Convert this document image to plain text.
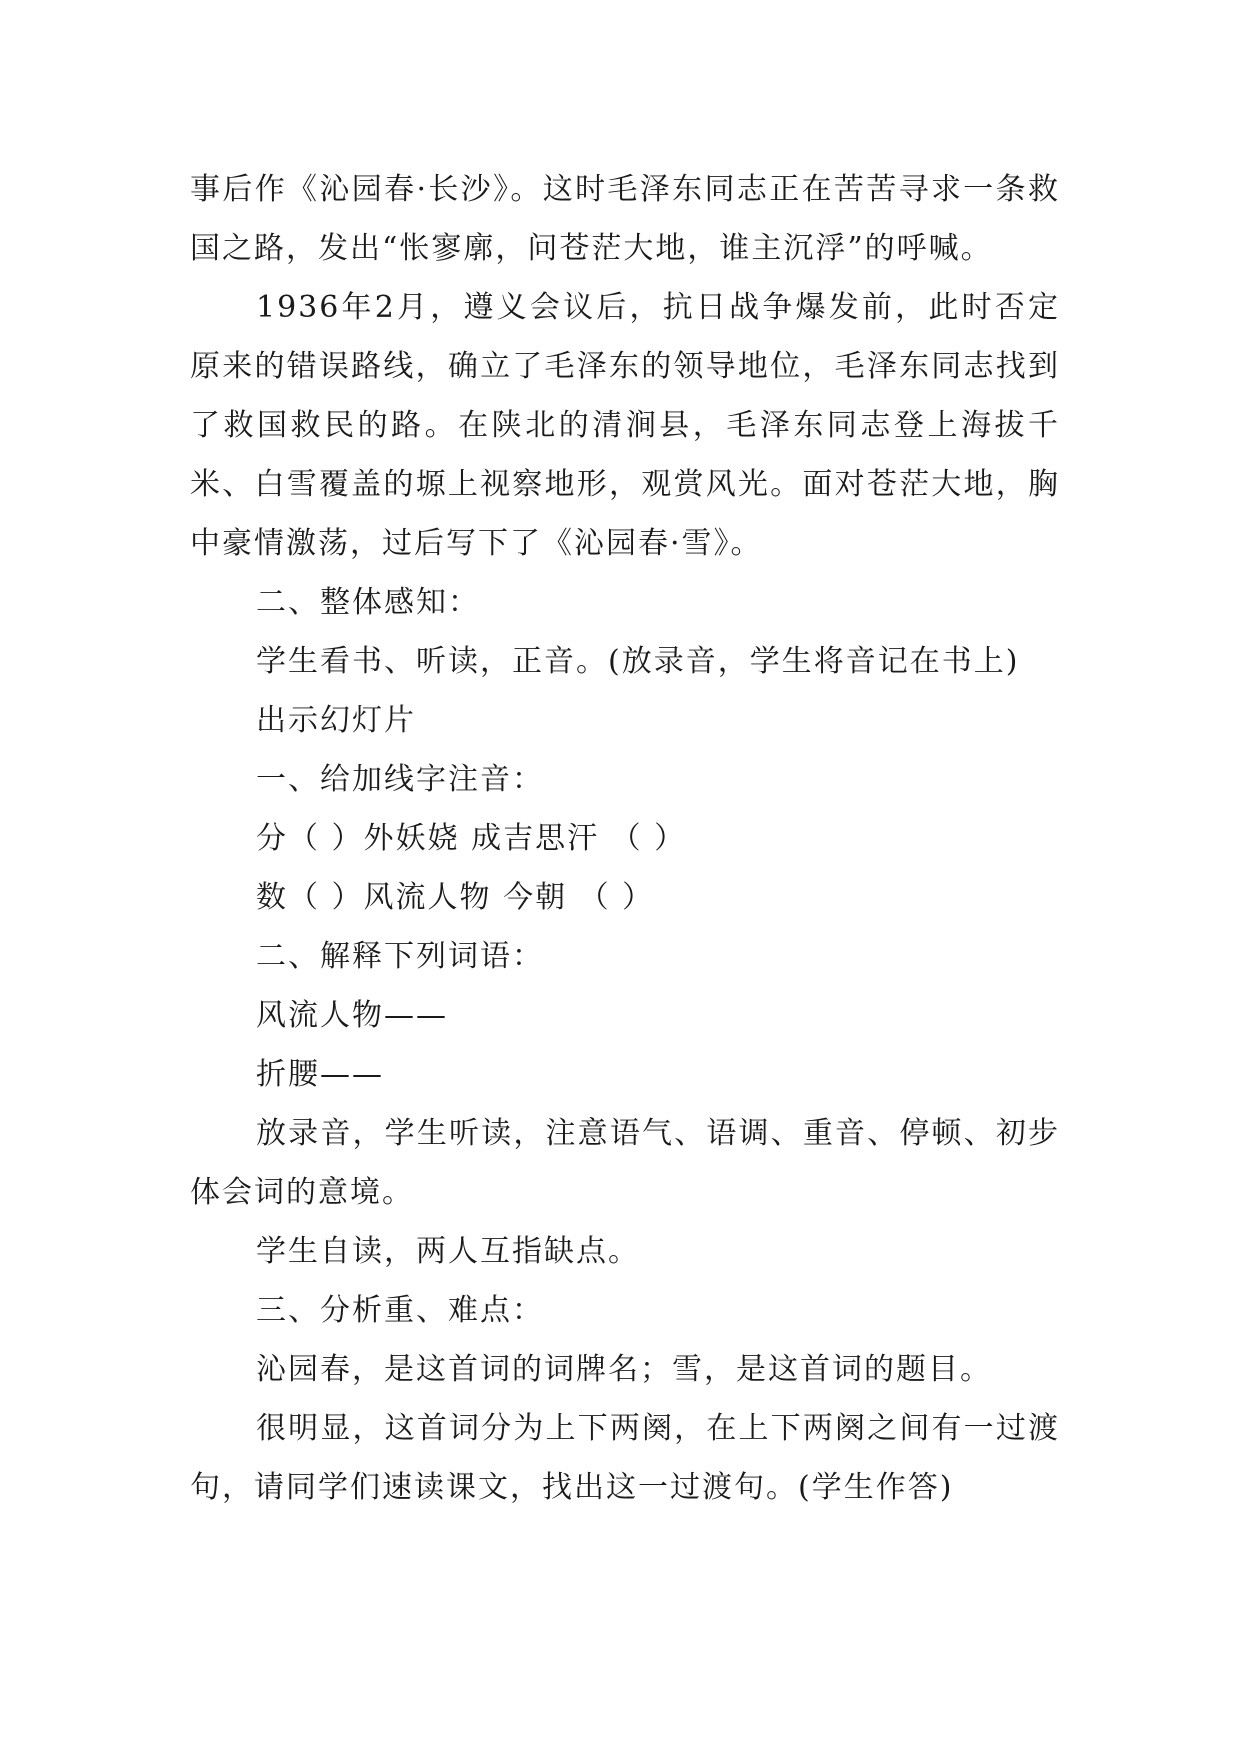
事后作《沁园春·长沙》。这时毛泽东同志正在苦苦寻求一条救国之路，发出“怅寥廓，问苍茫大地，谁主沉浮”的呼喊。

1936年2月，遵义会议后，抗日战争爆发前，此时否定原来的错误路线，确立了毛泽东的领导地位，毛泽东同志找到了救国救民的路。在陕北的清涧县，毛泽东同志登上海拔千米、白雪覆盖的塬上视察地形，观赏风光。面对苍茫大地，胸中豪情激荡，过后写下了《沁园春·雪》。

二、整体感知：

学生看书、听读，正音。(放录音，学生将音记在书上)

出示幻灯片

一、给加线字注音：

分（ ）外妖娆 成吉思汗 （ ）

数（ ）风流人物 今朝 （ ）

二、解释下列词语：

风流人物——

折腰——

放录音，学生听读，注意语气、语调、重音、停顿、初步体会词的意境。

学生自读，两人互指缺点。

三、分析重、难点：

沁园春，是这首词的词牌名；雪，是这首词的题目。

很明显，这首词分为上下两阕，在上下两阕之间有一过渡句，请同学们速读课文，找出这一过渡句。(学生作答)
